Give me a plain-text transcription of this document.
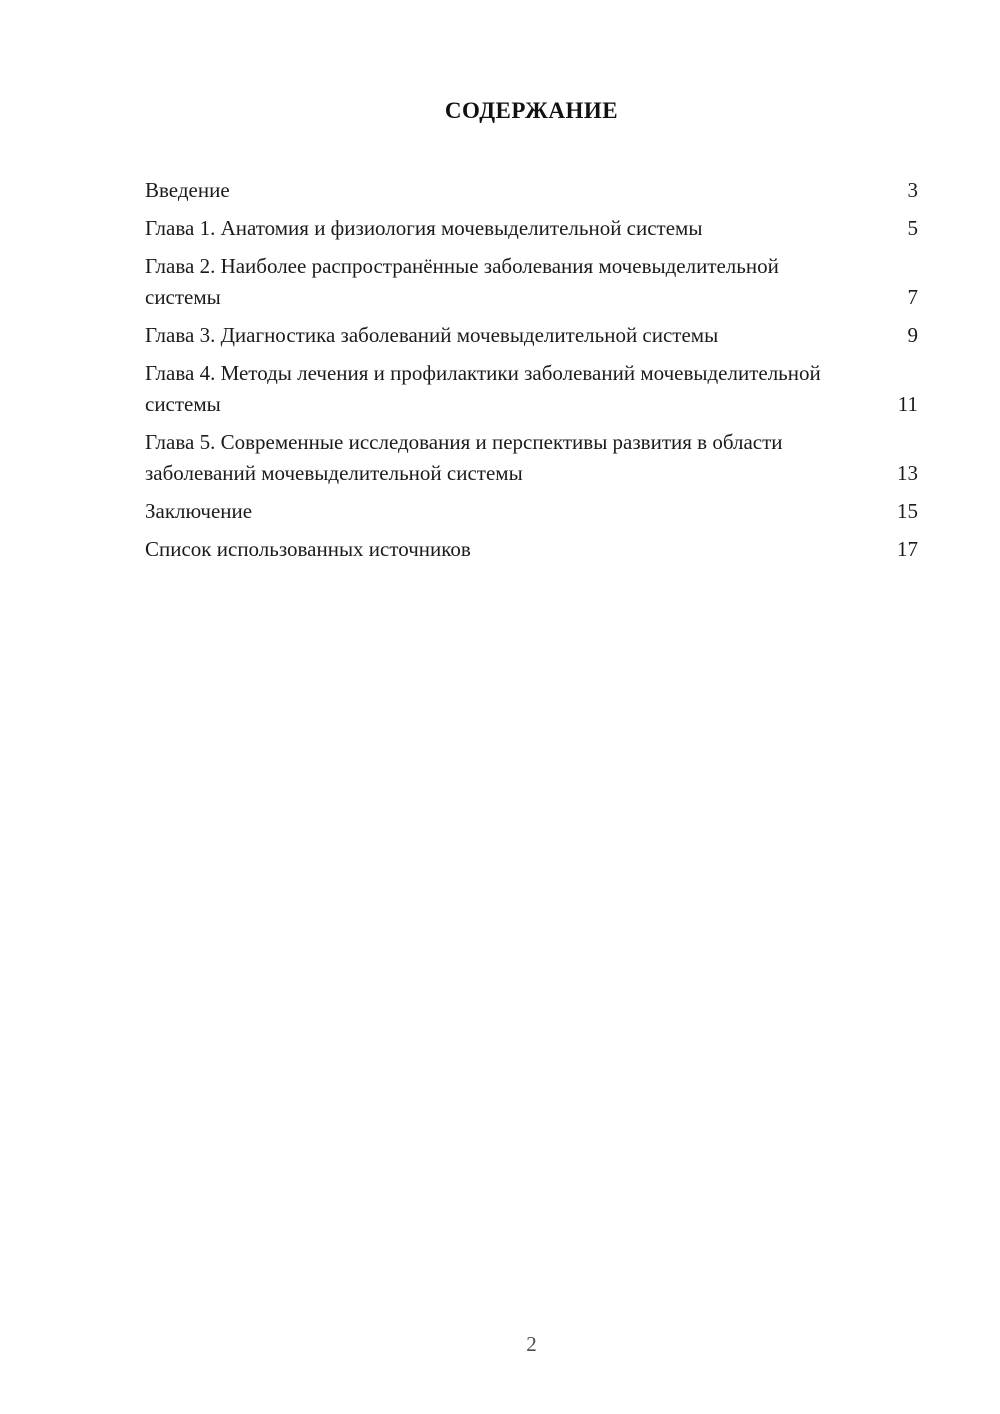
СОДЕРЖАНИЕ
Введение	3
Глава 1. Анатомия и физиология мочевыделительной системы	5
Глава 2. Наиболее распространённые заболевания мочевыделительной системы	7
Глава 3. Диагностика заболеваний мочевыделительной системы	9
Глава 4. Методы лечения и профилактики заболеваний мочевыделительной системы	11
Глава 5. Современные исследования и перспективы развития в области заболеваний мочевыделительной системы	13
Заключение	15
Список использованных источников	17
2
